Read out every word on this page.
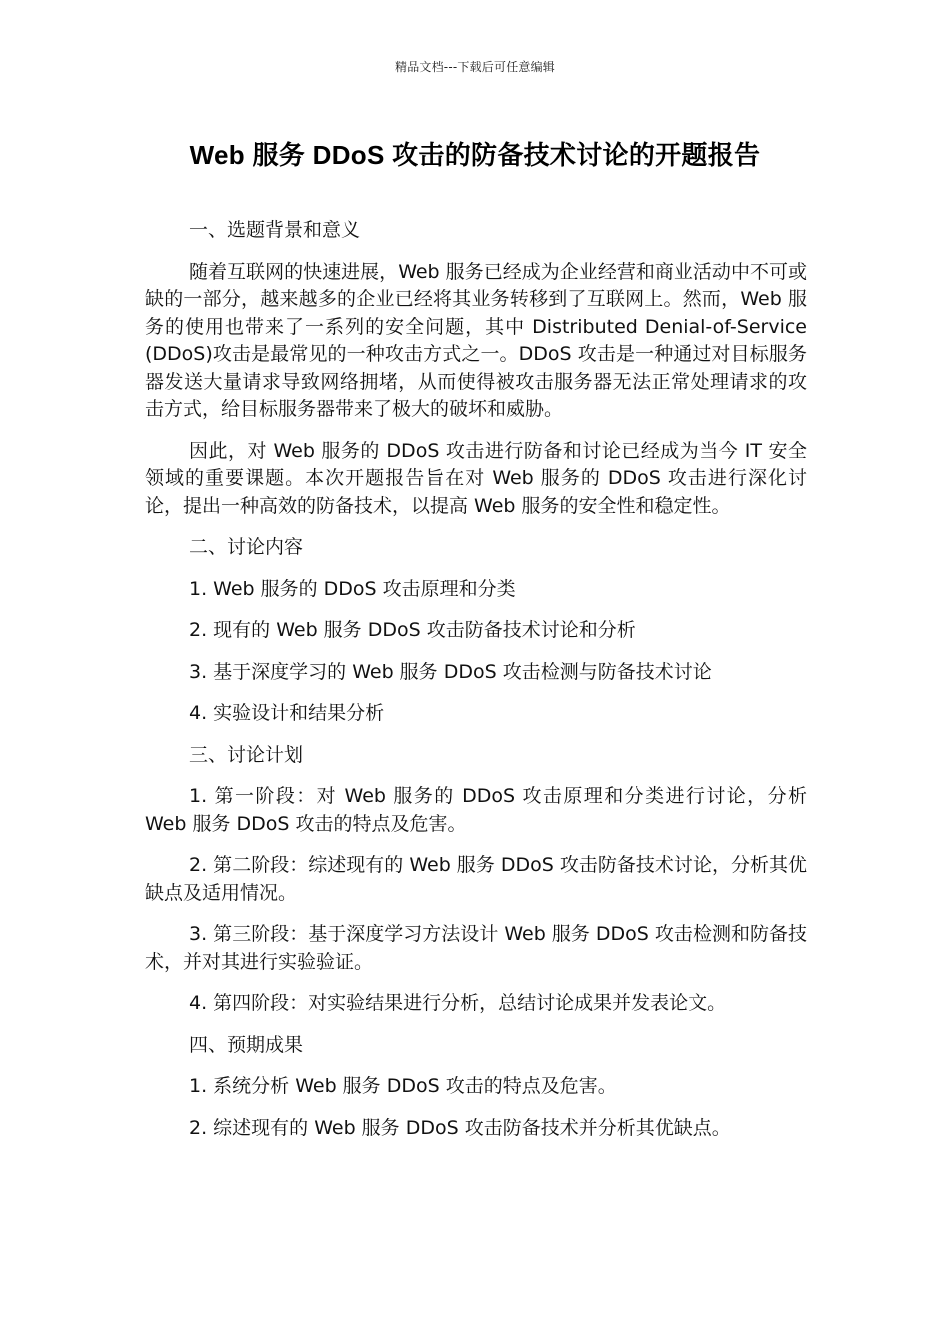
精品文档---下载后可任意编辑
Web 服务 DDoS 攻击的防备技术讨论的开题报告

一、选题背景和意义

随着互联网的快速进展，Web 服务已经成为企业经营和商业活动中不可或缺的一部分，越来越多的企业已经将其业务转移到了互联网上。然而，Web 服务的使用也带来了一系列的安全问题，其中 Distributed Denial-of-Service (DDoS)攻击是最常见的一种攻击方式之一。DDoS 攻击是一种通过对目标服务器发送大量请求导致网络拥堵，从而使得被攻击服务器无法正常处理请求的攻击方式，给目标服务器带来了极大的破坏和威胁。

因此，对 Web 服务的 DDoS 攻击进行防备和讨论已经成为当今 IT 安全领域的重要课题。本次开题报告旨在对 Web 服务的 DDoS 攻击进行深化讨论，提出一种高效的防备技术，以提高 Web 服务的安全性和稳定性。

二、讨论内容

1. Web 服务的 DDoS 攻击原理和分类

2. 现有的 Web 服务 DDoS 攻击防备技术讨论和分析

3. 基于深度学习的 Web 服务 DDoS 攻击检测与防备技术讨论

4. 实验设计和结果分析

三、讨论计划

1. 第一阶段：对 Web 服务的 DDoS 攻击原理和分类进行讨论，分析 Web 服务 DDoS 攻击的特点及危害。

2. 第二阶段：综述现有的 Web 服务 DDoS 攻击防备技术讨论，分析其优缺点及适用情况。

3. 第三阶段：基于深度学习方法设计 Web 服务 DDoS 攻击检测和防备技术，并对其进行实验验证。

4. 第四阶段：对实验结果进行分析，总结讨论成果并发表论文。

四、预期成果

1. 系统分析 Web 服务 DDoS 攻击的特点及危害。

2. 综述现有的 Web 服务 DDoS 攻击防备技术并分析其优缺点。
